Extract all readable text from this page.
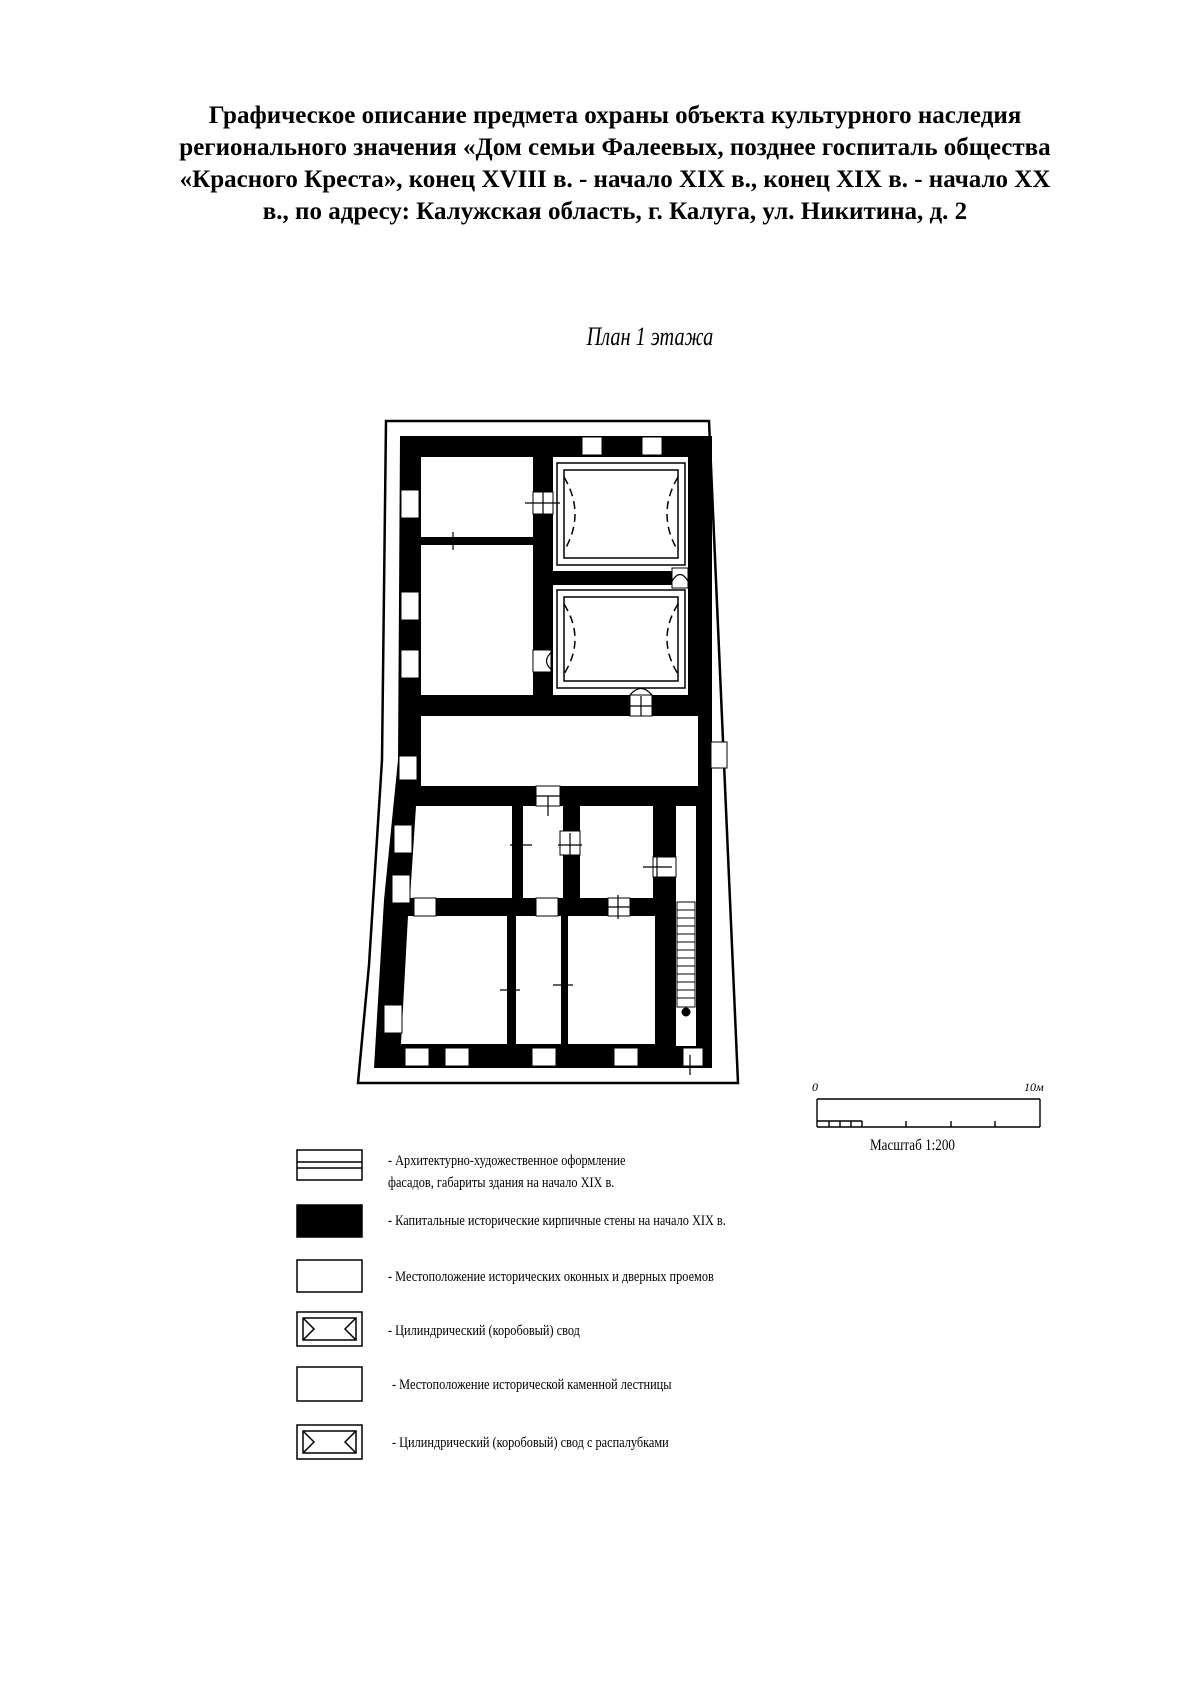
Графическое описание предмета охраны объекта культурного наследия
регионального значения «Дом семьи Фалеевых, позднее госпиталь общества
«Красного Креста», конец XVIII в. - начало XIX в., конец XIX в. - начало XX
в., по адресу: Калужская область, г. Калуга, ул. Никитина, д. 2
План 1 этажа
0	10м
Масштаб 1:200
- Архитектурно-художественное оформление
фасадов, габариты здания на начало XIX в.
- Капитальные исторические кирпичные стены на начало XIX в.
- Местоположение исторических оконных и дверных проемов
- Цилиндрический (коробовый) свод
- Местоположение исторической каменной лестницы
- Цилиндрический (коробовый) свод с распалубками
